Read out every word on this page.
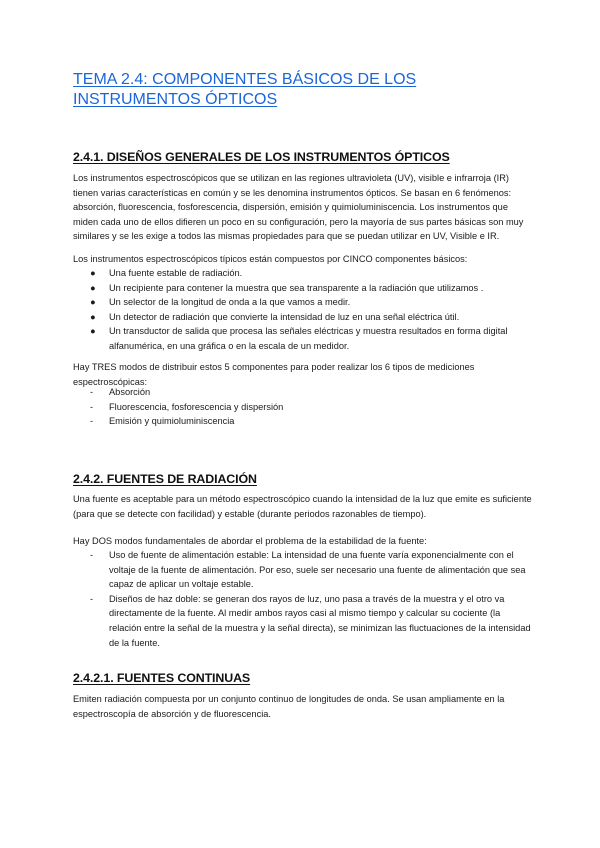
TEMA 2.4: COMPONENTES BÁSICOS DE LOS INSTRUMENTOS ÓPTICOS
2.4.1. DISEÑOS GENERALES DE LOS INSTRUMENTOS ÓPTICOS

Los instrumentos espectroscópicos que se utilizan en las regiones ultravioleta (UV), visible e infrarroja (IR) tienen varias características en común y se les denomina instrumentos ópticos. Se basan en 6 fenómenos: absorción, fluorescencia, fosforescencia, dispersión, emisión y quimioluminiscencia. Los instrumentos que miden cada uno de ellos difieren un poco en su configuración, pero la mayoría de sus partes básicas son muy similares y se les exige a todos las mismas propiedades para que se puedan utilizar en UV, Visible e IR.

Los instrumentos espectroscópicos típicos están compuestos por CINCO componentes básicos:

● Una fuente estable de radiación.
● Un recipiente para contener la muestra que sea transparente a la radiación que utilizamos .
● Un selector de la longitud de onda a la que vamos a medir.
● Un detector de radiación que convierte la intensidad de luz en una señal eléctrica útil.
● Un transductor de salida que procesa las señales eléctricas y muestra resultados en forma digital alfanumérica, en una gráfica o en la escala de un medidor.

Hay TRES modos de distribuir estos 5 componentes para poder realizar los 6 tipos de mediciones espectroscópicas:

- Absorción
- Fluorescencia, fosforescencia y dispersión
- Emisión y quimioluminiscencia
2.4.2. FUENTES DE RADIACIÓN

Una fuente es aceptable para un método espectroscópico cuando la intensidad de la luz que emite es suficiente (para que se detecte con facilidad) y estable (durante periodos razonables de tiempo).

Hay DOS modos fundamentales de abordar el problema de la estabilidad de la fuente:

- Uso de fuente de alimentación estable: La intensidad de una fuente varía exponencialmente con el voltaje de la fuente de alimentación. Por eso, suele ser necesario una fuente de alimentación que sea capaz de aplicar un voltaje estable.
- Diseños de haz doble: se generan dos rayos de luz, uno pasa a través de la muestra y el otro va directamente de la fuente. Al medir ambos rayos casi al mismo tiempo y calcular su cociente (la relación entre la señal de la muestra y la señal directa), se minimizan las fluctuaciones de la intensidad de la fuente.
2.4.2.1. FUENTES CONTINUAS

Emiten radiación compuesta por un conjunto continuo de longitudes de onda. Se usan ampliamente en la espectroscopía de absorción y de fluorescencia.
